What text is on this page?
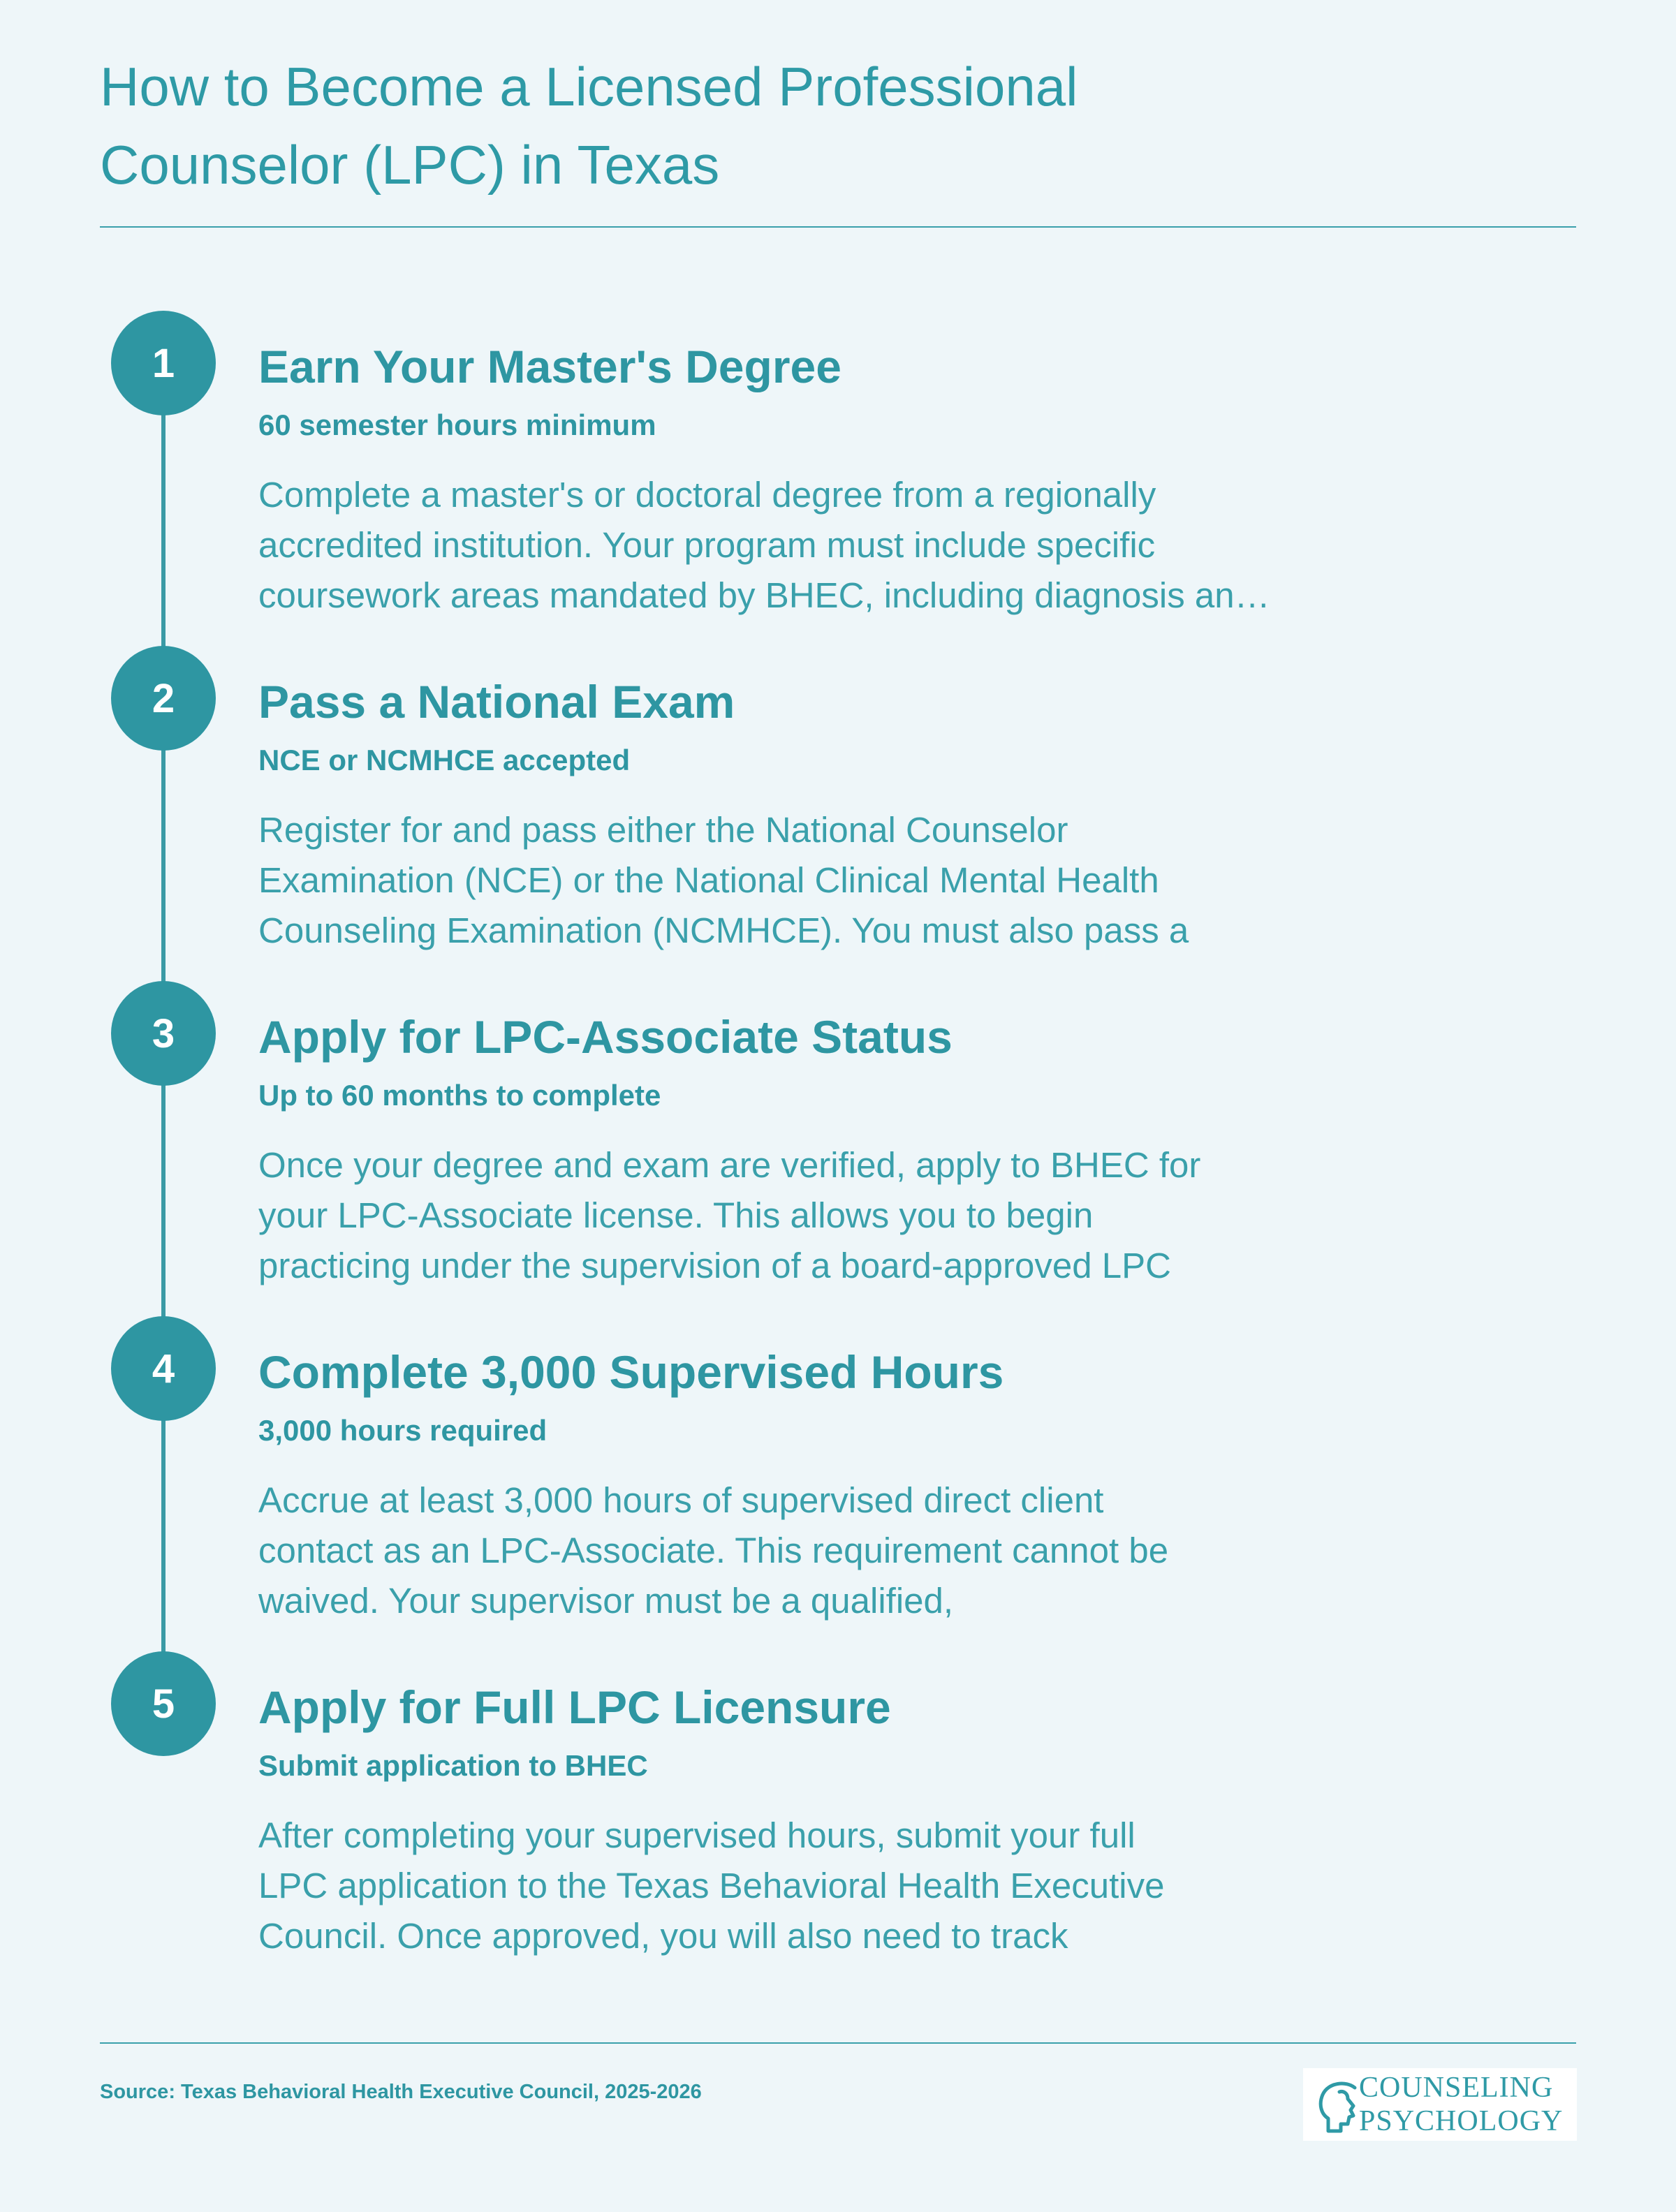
How to Become a Licensed Professional
Counselor (LPC) in Texas
1	Earn Your Master's Degree
60 semester hours minimum
Complete a master's or doctoral degree from a regionally
accredited institution. Your program must include specific
coursework areas mandated by BHEC, including diagnosis an…
2	Pass a National Exam
NCE or NCMHCE accepted
Register for and pass either the National Counselor
Examination (NCE) or the National Clinical Mental Health
Counseling Examination (NCMHCE). You must also pass a
3	Apply for LPC-Associate Status
Up to 60 months to complete
Once your degree and exam are verified, apply to BHEC for
your LPC-Associate license. This allows you to begin
practicing under the supervision of a board-approved LPC
4	Complete 3,000 Supervised Hours
3,000 hours required
Accrue at least 3,000 hours of supervised direct client
contact as an LPC-Associate. This requirement cannot be
waived. Your supervisor must be a qualified,
5	Apply for Full LPC Licensure
Submit application to BHEC
After completing your supervised hours, submit your full
LPC application to the Texas Behavioral Health Executive
Council. Once approved, you will also need to track
Source: Texas Behavioral Health Executive Council, 2025-2026	COUNSELING
PSYCHOLOGY
